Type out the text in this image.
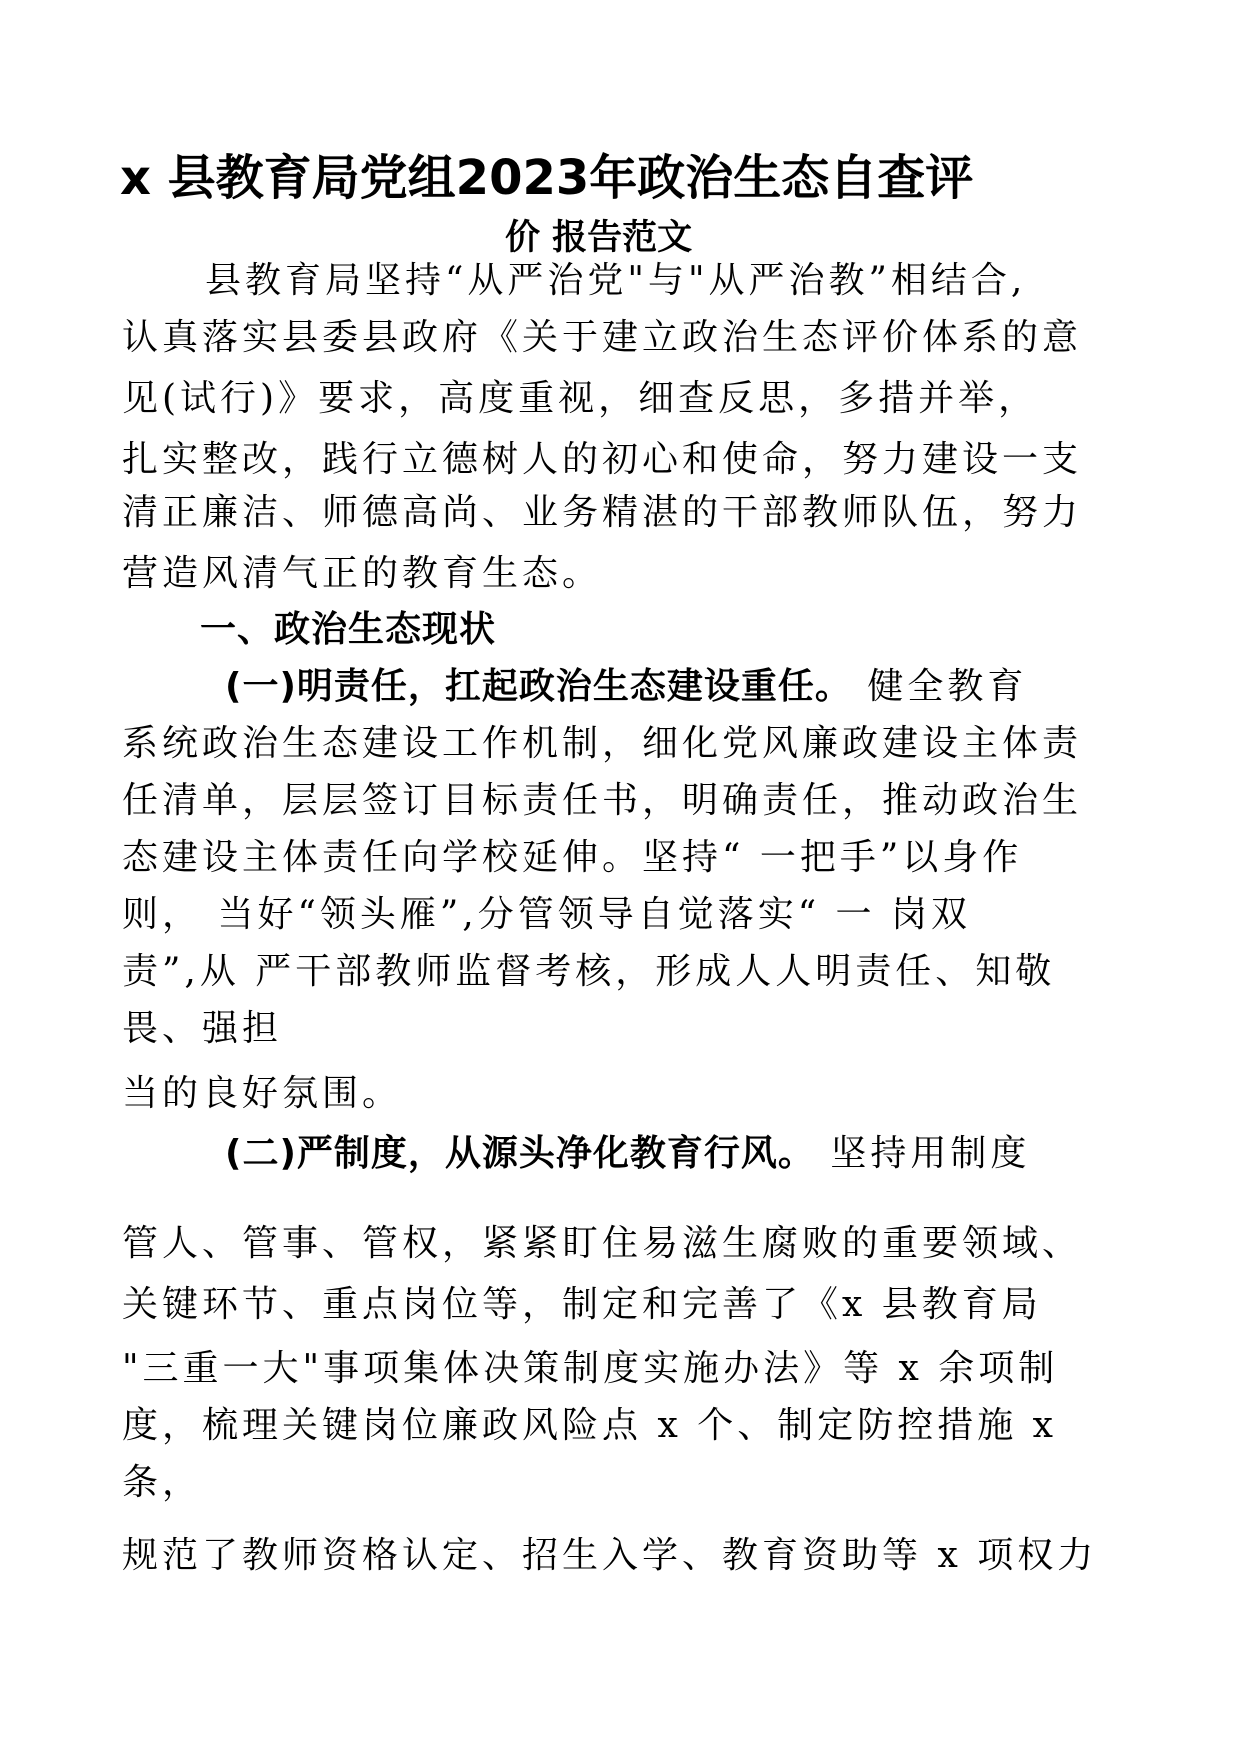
x 县教育局党组2023年政治生态自查评
价 报告范文
县教育局坚持“从严治党"与"从严治教”相结合,
认真落实县委县政府《关于建立政治生态评价体系的意
见(试行)》要求，高度重视，细查反思，多措并举，
扎实整改，践行立德树人的初心和使命，努力建设一支
清正廉洁、师德高尚、业务精湛的干部教师队伍，努力
营造风清气正的教育生态。
一、政治生态现状
(一)明责任，扛起政治生态建设重任。 健全教育
系统政治生态建设工作机制，细化党风廉政建设主体责
任清单，层层签订目标责任书，明确责任，推动政治生
态建设主体责任向学校延伸。坚持“ 一把手”以身作
则， 当好“领头雁”,分管领导自觉落实“ 一 岗双
责”,从 严干部教师监督考核，形成人人明责任、知敬
畏、强担
当的良好氛围。
(二)严制度，从源头净化教育行风。 坚持用制度
管人、管事、管权，紧紧盯住易滋生腐败的重要领域、
关键环节、重点岗位等，制定和完善了《x 县教育局
"三重一大"事项集体决策制度实施办法》等 x 余项制
度，梳理关键岗位廉政风险点 x 个、制定防控措施 x
条，
规范了教师资格认定、招生入学、教育资助等 x 项权力
